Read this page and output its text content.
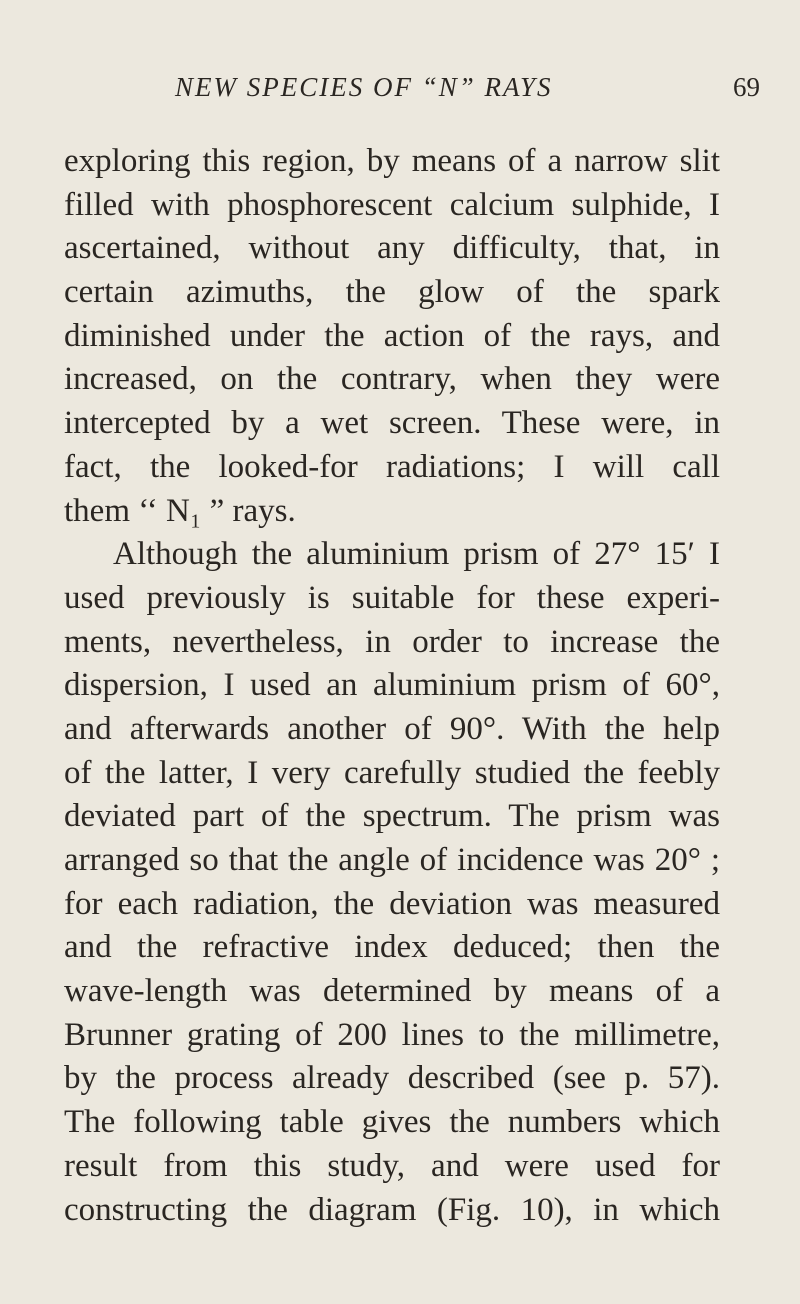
NEW SPECIES OF “N” RAYS	69
exploring this region, by means of a narrow slit
filled with phosphorescent calcium sulphide, I
ascertained, without any difficulty, that, in
certain azimuths, the glow of the spark
diminished under the action of the rays, and
increased, on the contrary, when they were
intercepted by a wet screen. These were, in
fact, the looked-for radiations; I will call
them ‘‘ N₁ ” rays.
Although the aluminium prism of 27° 15′ I
used previously is suitable for these experi-
ments, nevertheless, in order to increase the
dispersion, I used an aluminium prism of 60°,
and afterwards another of 90°. With the help
of the latter, I very carefully studied the feebly
deviated part of the spectrum. The prism was
arranged so that the angle of incidence was 20° ;
for each radiation, the deviation was measured
and the refractive index deduced; then the
wave-length was determined by means of a
Brunner grating of 200 lines to the millimetre,
by the process already described (see p. 57).
The following table gives the numbers which
result from this study, and were used for
constructing the diagram (Fig. 10), in which
